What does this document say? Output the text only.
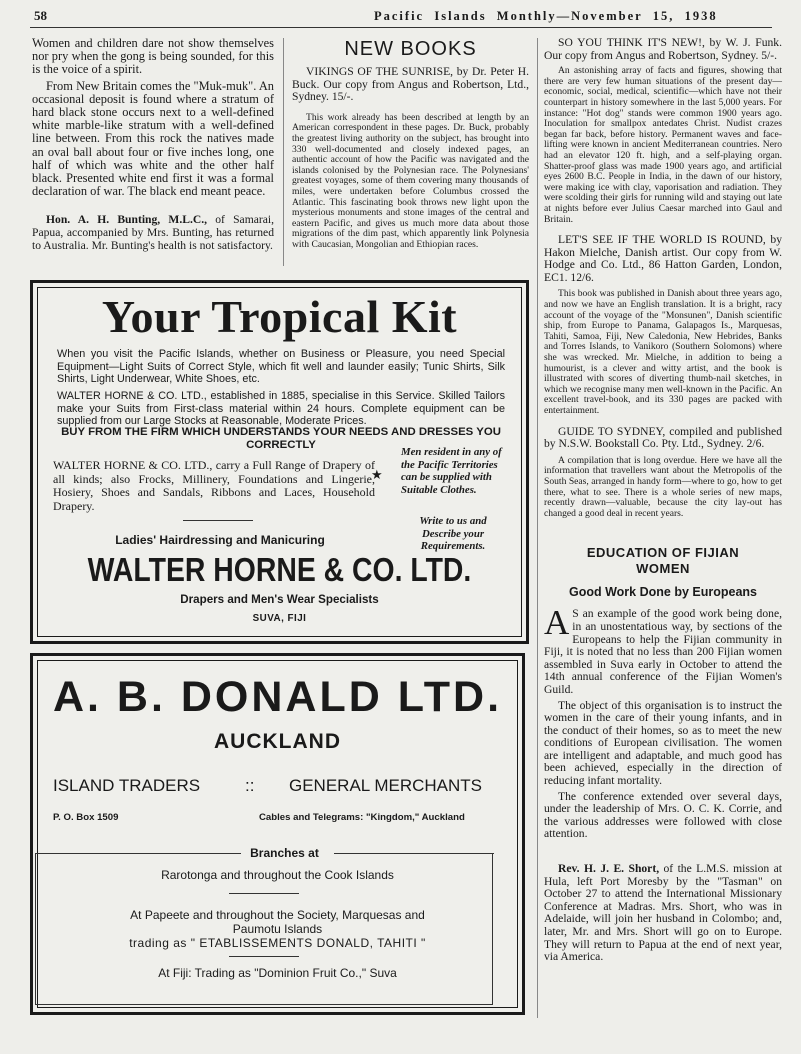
58	Pacific  Islands  Monthly—November  15,  1938

Women and children dare not show themselves nor pry when the gong is being sounded, for this is the voice of a spirit.

From New Britain comes the "Muk-muk". An occasional deposit is found where a stratum of hard black stone occurs next to a well-defined white marble-like stratum with a well-defined line between. From this rock the natives made an oval ball about four or five inches long, one half of which was white and the other half black. Presented white end first it was a formal declaration of war. The black end meant peace.

Hon. A. H. Bunting, M.L.C., of Samarai, Papua, accompanied by Mrs. Bunting, has returned to Australia. Mr. Bunting's health is not satisfactory.

NEW BOOKS

VIKINGS OF THE SUNRISE, by Dr. Peter H. Buck. Our copy from Angus and Robertson, Ltd., Sydney. 15/-.

This work already has been described at length by an American correspondent in these pages. Dr. Buck, probably the greatest living authority on the subject, has brought into 330 well-documented and closely indexed pages, an authentic account of how the Pacific was navigated and the islands colonised by the Polynesian race. The Polynesians' greatest voyages, some of them covering many thousands of miles, were undertaken before Columbus crossed the Atlantic. This fascinating book throws new light upon the mysterious monuments and stone images of the central and eastern Pacific, and gives us much more data about those migrations of the dim past, which apparently link Polynesia with Caucasian, Mongolian and Ethiopian races.

SO YOU THINK IT'S NEW!, by W. J. Funk. Our copy from Angus and Robertson, Sydney. 5/-.

An astonishing array of facts and figures, showing that there are very few human situations of the present day—economic, social, medical, scientific—which have not their counterpart in history somewhere in the last 5,000 years. For instance: "Hot dog" stands were common 1900 years ago. Inoculation for smallpox antedates Christ. Nudist crazes began far back, before history. Permanent waves and face-lifting were known in ancient Mediterranean countries. Nero had an elevator 120 ft. high, and a self-playing organ. Shatter-proof glass was made 1900 years ago, and artificial eyes 2600 B.C. People in India, in the dawn of our history, were making ice with clay, vaporisation and radiation. They were scolding their girls for running wild and staying out late at nights before ever Julius Caesar marched into Gaul and Britain.

LET'S SEE IF THE WORLD IS ROUND, by Hakon Mielche, Danish artist. Our copy from W. Hodge and Co. Ltd., 86 Hatton Garden, London, EC1. 12/6.

This book was published in Danish about three years ago, and now we have an English translation. It is a bright, racy account of the voyage of the "Monsunen", Danish scientific ship, from Europe to Panama, Galapagos Is., Marquesas, Tahiti, Samoa, Fiji, New Caledonia, New Hebrides, Banks and Torres Islands, to Vanikoro (Southern Solomons) where she was wrecked. Mr. Mielche, in addition to being a humourist, is a clever and witty artist, and the book is illustrated with scores of diverting thumb-nail sketches, in which we recognise many men well-known in the Pacific. An excellent travel-book, and its 330 pages are packed with entertainment.

GUIDE TO SYDNEY, compiled and published by N.S.W. Bookstall Co. Pty. Ltd., Sydney. 2/6.

A compilation that is long overdue. Here we have all the information that travellers want about the Metropolis of the South Seas, arranged in handy form—where to go, how to get there, what to see. There is a whole series of new maps, recently drawn—valuable, because the city lay-out has changed a good deal in recent years.

EDUCATION OF FIJIAN WOMEN
Good Work Done by Europeans

A S an example of the good work being done, in an unostentatious way, by sections of the Europeans to help the Fijian community in Fiji, it is noted that no less than 200 Fijian women assembled in Suva early in October to attend the 14th annual conference of the Fijian Women's Guild.

The object of this organisation is to instruct the women in the care of their young infants, and in the conduct of their homes, so as to meet the new conditions of European civilisation. The women are intelligent and adaptable, and much good has been achieved, especially in the direction of reducing infant mortality.

The conference extended over several days, under the leadership of Mrs. O. C. K. Corrie, and the various addresses were followed with close attention.

Rev. H. J. E. Short, of the L.M.S. mission at Hula, left Port Moresby by the "Tasman" on October 27 to attend the International Missionary Conference at Madras. Mrs. Short, who was in Adelaide, will join her husband in Colombo; and, later, Mr. and Mrs. Short will go on to Europe. They will return to Papua at the end of next year, via America.

Your Tropical Kit
When you visit the Pacific Islands, whether on Business or Pleasure, you need Special Equipment—Light Suits of Correct Style, which fit well and launder easily; Tunic Shirts, Silk Shirts, Light Underwear, White Shoes, etc.
WALTER HORNE & CO. LTD., established in 1885, specialise in this Service. Skilled Tailors make your Suits from First-class material within 24 hours. Complete equipment can be supplied from our Large Stocks at Reasonable, Moderate Prices.
BUY FROM THE FIRM WHICH UNDERSTANDS YOUR NEEDS AND DRESSES YOU CORRECTLY
WALTER HORNE & CO. LTD., carry a Full Range of Drapery of all kinds; also Frocks, Millinery, Foundations and Lingerie, Hosiery, Shoes and Sandals, Ribbons and Laces, Household Drapery.
★
Men resident in any of the Pacific Territories can be supplied with Suitable Clothes.
Write to us and Describe your Requirements.
Ladies' Hairdressing and Manicuring
WALTER HORNE & CO. LTD.
Drapers and Men's Wear Specialists
SUVA, FIJI
A. B. DONALD LTD.
AUCKLAND
ISLAND TRADERS	:: GENERAL MERCHANTS
P. O. Box 1509	Cables and Telegrams: "Kingdom," Auckland
Branches at
Rarotonga and throughout the Cook Islands
At Papeete and throughout the Society, Marquesas and
Paumotu Islands
trading as " ETABLISSEMENTS DONALD, TAHITI "
At Fiji: Trading as "Dominion Fruit Co.," Suva
